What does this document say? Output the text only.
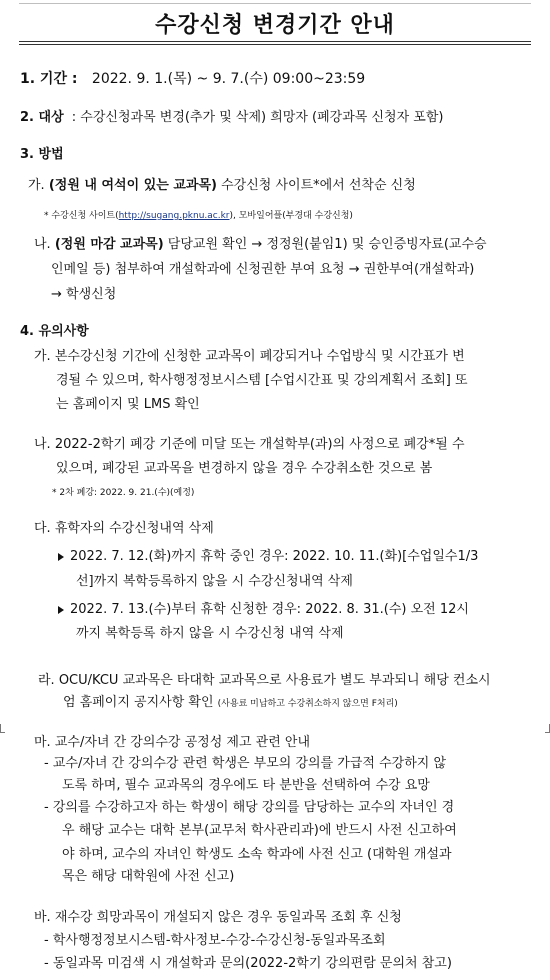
수강신청 변경기간 안내
1. 기간 : 2022. 9. 1.(목) ~ 9. 7.(수) 09:00~23:59
2. 대상 : 수강신청과목 변경(추가 및 삭제) 희망자 (폐강과목 신청자 포함)
3. 방법
가. (정원 내 여석이 있는 교과목) 수강신청 사이트*에서 선착순 신청
* 수강신청 사이트(http://sugang.pknu.ac.kr), 모바일어플(부경대 수강신청)
나. (정원 마감 교과목) 담당교원 확인 → 정정원(붙임1) 및 승인증빙자료(교수승
인메일 등) 첨부하여 개설학과에 신청권한 부여 요청 → 권한부여(개설학과)
→ 학생신청
4. 유의사항
가. 본수강신청 기간에 신청한 교과목이 폐강되거나 수업방식 및 시간표가 변
경될 수 있으며, 학사행정정보시스템 [수업시간표 및 강의계획서 조회] 또
는 홈페이지 및 LMS 확인
나. 2022-2학기 폐강 기준에 미달 또는 개설학부(과)의 사정으로 폐강*될 수
있으며, 폐강된 교과목을 변경하지 않을 경우 수강취소한 것으로 봄
* 2차 폐강: 2022. 9. 21.(수)(예정)
다. 휴학자의 수강신청내역 삭제
2022. 7. 12.(화)까지 휴학 중인 경우: 2022. 10. 11.(화)[수업일수1/3
선]까지 복학등록하지 않을 시 수강신청내역 삭제
2022. 7. 13.(수)부터 휴학 신청한 경우: 2022. 8. 31.(수) 오전 12시
까지 복학등록 하지 않을 시 수강신청 내역 삭제
라. OCU/KCU 교과목은 타대학 교과목으로 사용료가 별도 부과되니 해당 컨소시
엄 홈페이지 공지사항 확인 (사용료 미납하고 수강취소하지 않으면 F처리)
마. 교수/자녀 간 강의수강 공정성 제고 관련 안내
- 교수/자녀 간 강의수강 관련 학생은 부모의 강의를 가급적 수강하지 않
도록 하며, 필수 교과목의 경우에도 타 분반을 선택하여 수강 요망
- 강의를 수강하고자 하는 학생이 해당 강의를 담당하는 교수의 자녀인 경
우 해당 교수는 대학 본부(교무처 학사관리과)에 반드시 사전 신고하여
야 하며, 교수의 자녀인 학생도 소속 학과에 사전 신고 (대학원 개설과
목은 해당 대학원에 사전 신고)
바. 재수강 희망과목이 개설되지 않은 경우 동일과목 조회 후 신청
- 학사행정정보시스템-학사정보-수강-수강신청-동일과목조회
- 동일과목 미검색 시 개설학과 문의(2022-2학기 강의편람 문의처 참고)
